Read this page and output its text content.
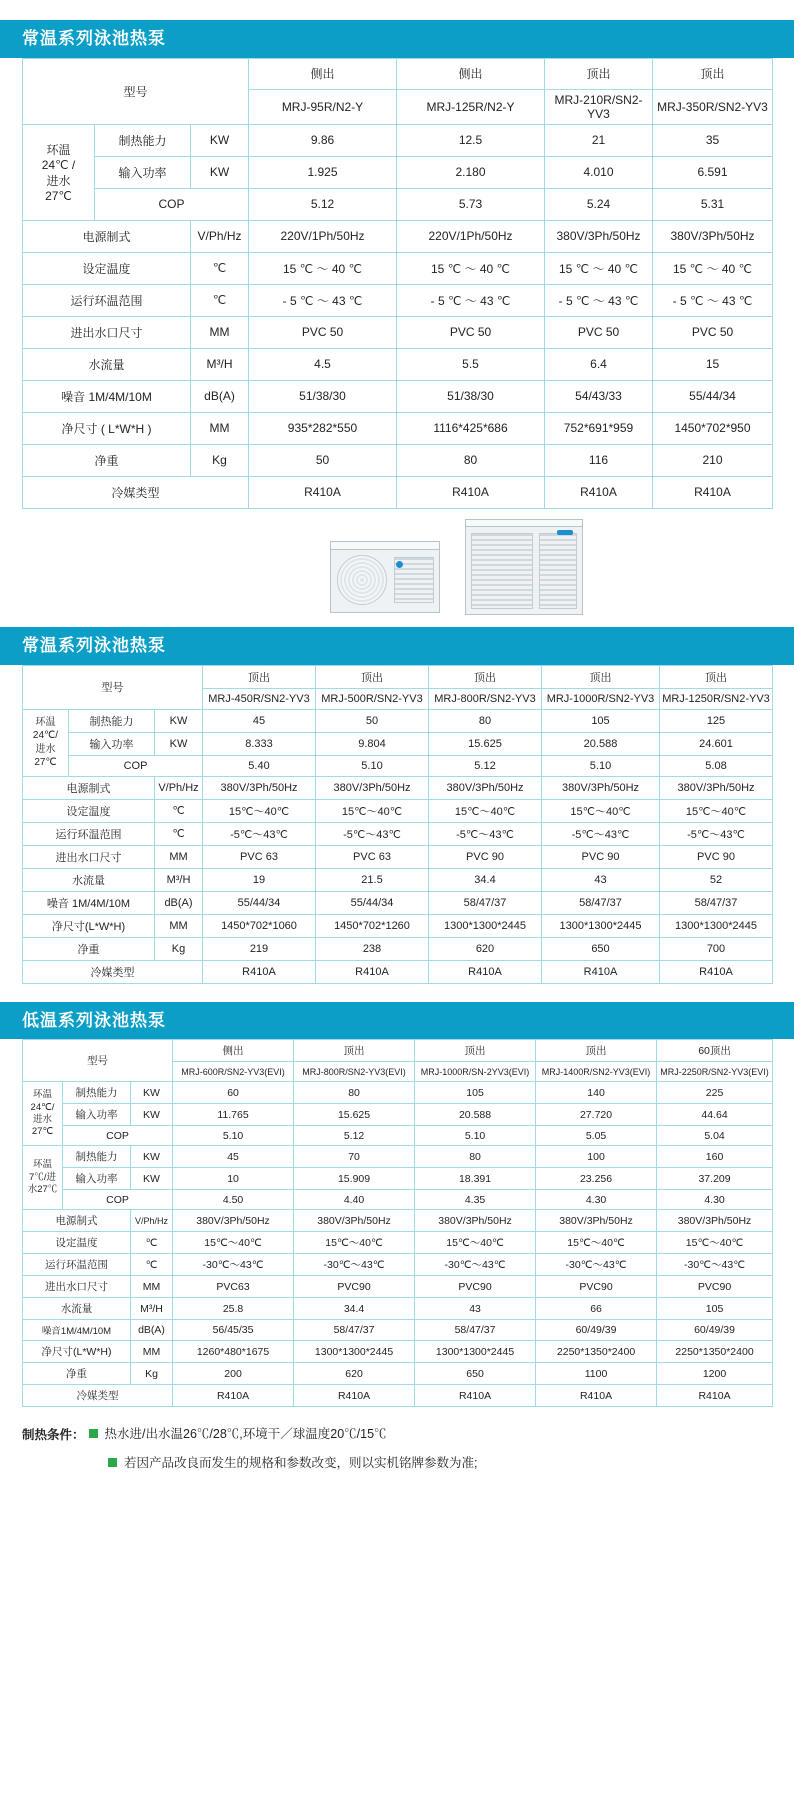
常温系列泳池热泵
型号			侧出	侧出	顶出	顶出
			MRJ‐95R/N2‐Y	MRJ‐125R/N2‐Y	MRJ‐210R/SN2‐YV3	MRJ‐350R/SN2‐YV3
环温
24℃ /
进水
27℃	制热能力	KW	9.86	12.5	21	35
	输入功率	KW	1.925	2.180	4.010	6.591
	COP		5.12	5.73	5.24	5.31
电源制式		V/Ph/Hz	220V/1Ph/50Hz	220V/1Ph/50Hz	380V/3Ph/50Hz	380V/3Ph/50Hz
设定温度		℃	15 ℃ ～ 40 ℃	15 ℃ ～ 40 ℃	15 ℃ ～ 40 ℃	15 ℃ ～ 40 ℃
运行环温范围		℃	‐ 5 ℃ ～ 43 ℃	‐ 5 ℃ ～ 43 ℃	‐ 5 ℃ ～ 43 ℃	‐ 5 ℃ ～ 43 ℃
进出水口尺寸		MM	PVC 50	PVC 50	PVC 50	PVC 50
水流量		M³/H	4.5	5.5	6.4	15
噪音 1M/4M/10M		dB(A)	51/38/30	51/38/30	54/43/33	55/44/34
净尺寸 ( L*W*H )		MM	935*282*550	1116*425*686	752*691*959	1450*702*950
净重		Kg	50	80	116	210
冷媒类型			R410A	R410A	R410A	R410A
常温系列泳池热泵
型号			顶出	顶出	顶出	顶出	顶出
			MRJ-450R/SN2‐YV3	MRJ-500R/SN2‐YV3	MRJ-800R/SN2‐YV3	MRJ-1000R/SN2‐YV3	MRJ-1250R/SN2‐YV3
环温
24℃/
进水
27℃	制热能力	KW	45	50	80	105	125
	输入功率	KW	8.333	9.804	15.625	20.588	24.601
	COP		5.40	5.10	5.12	5.10	5.08
电源制式		V/Ph/Hz	380V/3Ph/50Hz	380V/3Ph/50Hz	380V/3Ph/50Hz	380V/3Ph/50Hz	380V/3Ph/50Hz
设定温度		℃	15℃～40℃	15℃～40℃	15℃～40℃	15℃～40℃	15℃～40℃
运行环温范围		℃	-5℃～43℃	-5℃～43℃	-5℃～43℃	-5℃～43℃	-5℃～43℃
进出水口尺寸		MM	PVC 63	PVC 63	PVC 90	PVC 90	PVC 90
水流量		M³/H	19	21.5	34.4	43	52
噪音 1M/4M/10M		dB(A)	55/44/34	55/44/34	58/47/37	58/47/37	58/47/37
净尺寸(L*W*H)		MM	1450*702*1060	1450*702*1260	1300*1300*2445	1300*1300*2445	1300*1300*2445
净重		Kg	219	238	620	650	700
冷媒类型			R410A	R410A	R410A	R410A	R410A
低温系列泳池热泵
型号			侧出	顶出	顶出	顶出	60顶出
			MRJ-600R/SN2-YV3(EVI)	MRJ-800R/SN2-YV3(EVI)	MRJ-1000R/SN-2YV3(EVI)	MRJ-1400R/SN2-YV3(EVI)	MRJ-2250R/SN2-YV3(EVI)
环温
24℃/
进水
27℃	制热能力	KW	60	80	105	140	225
	输入功率	KW	11.765	15.625	20.588	27.720	44.64
	COP		5.10	5.12	5.10	5.05	5.04
环温
7℃/进
水27℃	制热能力	KW	45	70	80	100	160
	输入功率	KW	10	15.909	18.391	23.256	37.209
	COP		4.50	4.40	4.35	4.30	4.30
电源制式		V/Ph/Hz	380V/3Ph/50Hz	380V/3Ph/50Hz	380V/3Ph/50Hz	380V/3Ph/50Hz	380V/3Ph/50Hz
设定温度		℃	15℃～40℃	15℃～40℃	15℃～40℃	15℃～40℃	15℃～40℃
运行环温范围		℃	-30℃～43℃	-30℃～43℃	-30℃～43℃	-30℃～43℃	-30℃～43℃
进出水口尺寸		MM	PVC63	PVC90	PVC90	PVC90	PVC90
水流量		M³/H	25.8	34.4	43	66	105
噪音1M/4M/10M		dB(A)	56/45/35	58/47/37	58/47/37	60/49/39	60/49/39
净尺寸(L*W*H)		MM	1260*480*1675	1300*1300*2445	1300*1300*2445	2250*1350*2400	2250*1350*2400
净重		Kg	200	620	650	1100	1200
冷媒类型			R410A	R410A	R410A	R410A	R410A
制热条件： 热水进/出水温26℃/28℃,环境干／球温度20℃/15℃
若因产品改良而发生的规格和参数改变，则以实机铭牌参数为准;
